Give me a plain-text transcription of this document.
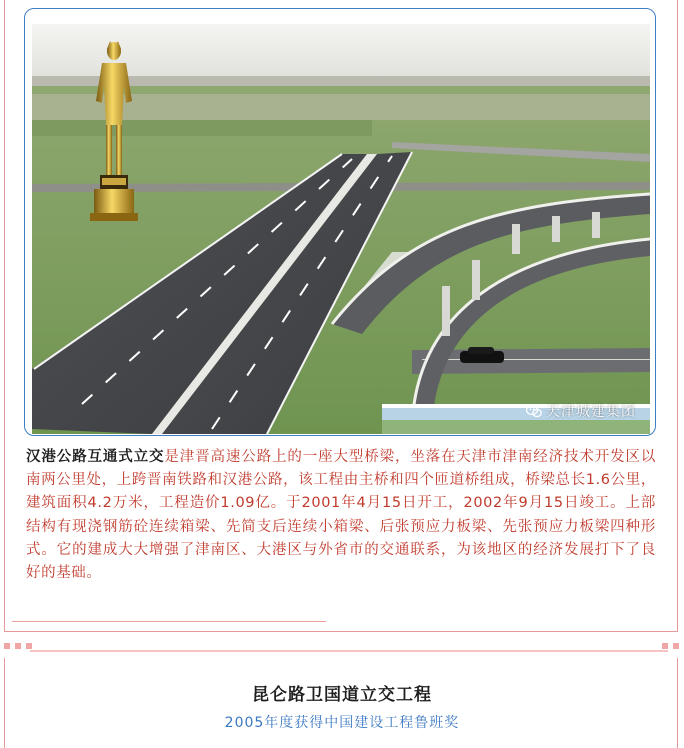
天津城建集团

汉港公路互通式立交是津晋高速公路上的一座大型桥梁，坐落在天津市津南经济技术开发区以南两公里处，上跨晋南铁路和汉港公路，该工程由主桥和四个匝道桥组成，桥梁总长1.6公里，建筑面积4.2万米，工程造价1.09亿。于2001年4月15日开工，2002年9月15日竣工。上部结构有现浇钢筋砼连续箱梁、先简支后连续小箱梁、后张预应力板梁、先张预应力板梁四种形式。它的建成大大增强了津南区、大港区与外省市的交通联系，为该地区的经济发展打下了良好的基础。

昆仑路卫国道立交工程
2005年度获得中国建设工程鲁班奖
